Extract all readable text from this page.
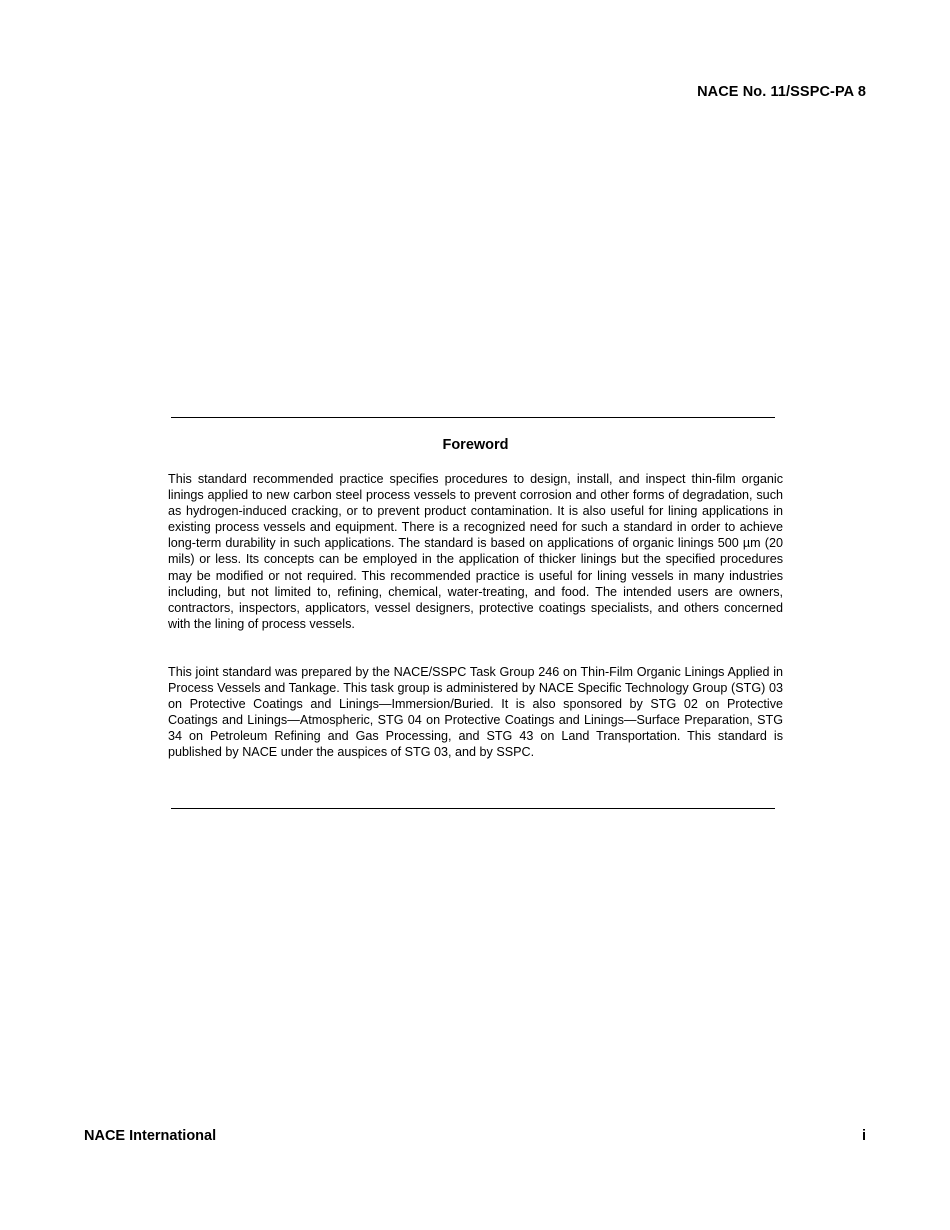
NACE No. 11/SSPC-PA 8
Foreword

This standard recommended practice specifies procedures to design, install, and inspect thin-film organic linings applied to new carbon steel process vessels to prevent corrosion and other forms of degradation, such as hydrogen-induced cracking, or to prevent product contamination. It is also useful for lining applications in existing process vessels and equipment. There is a recognized need for such a standard in order to achieve long-term durability in such applications. The standard is based on applications of organic linings 500 µm (20 mils) or less. Its concepts can be employed in the application of thicker linings but the specified procedures may be modified or not required. This recommended practice is useful for lining vessels in many industries including, but not limited to, refining, chemical, water-treating, and food. The intended users are owners, contractors, inspectors, applicators, vessel designers, protective coatings specialists, and others concerned with the lining of process vessels.

This joint standard was prepared by the NACE/SSPC Task Group 246 on Thin-Film Organic Linings Applied in Process Vessels and Tankage. This task group is administered by NACE Specific Technology Group (STG) 03 on Protective Coatings and Linings—Immersion/Buried. It is also sponsored by STG 02 on Protective Coatings and Linings—Atmospheric, STG 04 on Protective Coatings and Linings—Surface Preparation, STG 34 on Petroleum Refining and Gas Processing, and STG 43 on Land Transportation. This standard is published by NACE under the auspices of STG 03, and by SSPC.

NACE International	i
